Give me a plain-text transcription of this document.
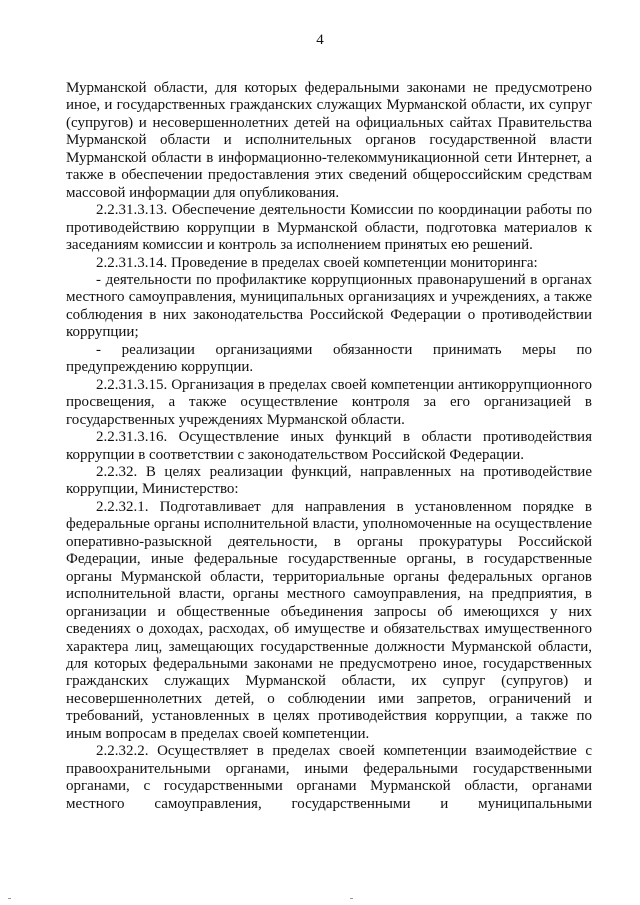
4

Мурманской области, для которых федеральными законами не предусмотрено иное, и государственных гражданских служащих Мурманской области, их супруг (супругов) и несовершеннолетних детей на официальных сайтах Правительства Мурманской области и исполнительных органов государственной власти Мурманской области в информационно-телекоммуникационной сети Интернет, а также в обеспечении предоставления этих сведений общероссийским средствам массовой информации для опубликования.

2.2.31.3.13. Обеспечение деятельности Комиссии по координации работы по противодействию коррупции в Мурманской области, подготовка материалов к заседаниям комиссии и контроль за исполнением принятых ею решений.

2.2.31.3.14. Проведение в пределах своей компетенции мониторинга:

- деятельности по профилактике коррупционных правонарушений в органах местного самоуправления, муниципальных организациях и учреждениях, а также соблюдения в них законодательства Российской Федерации о противодействии коррупции;

- реализации организациями обязанности принимать меры по предупреждению коррупции.

2.2.31.3.15. Организация в пределах своей компетенции антикоррупционного просвещения, а также осуществление контроля за его организацией в государственных учреждениях Мурманской области.

2.2.31.3.16. Осуществление иных функций в области противодействия коррупции в соответствии с законодательством Российской Федерации.

2.2.32. В целях реализации функций, направленных на противодействие коррупции, Министерство:

2.2.32.1. Подготавливает для направления в установленном порядке в федеральные органы исполнительной власти, уполномоченные на осуществление оперативно-разыскной деятельности, в органы прокуратуры Российской Федерации, иные федеральные государственные органы, в государственные органы Мурманской области, территориальные органы федеральных органов исполнительной власти, органы местного самоуправления, на предприятия, в организации и общественные объединения запросы об имеющихся у них сведениях о доходах, расходах, об имуществе и обязательствах имущественного характера лиц, замещающих государственные должности Мурманской области, для которых федеральными законами не предусмотрено иное, государственных гражданских служащих Мурманской области, их супруг (супругов) и несовершеннолетних детей, о соблюдении ими запретов, ограничений и требований, установленных в целях противодействия коррупции, а также по иным вопросам в пределах своей компетенции.

2.2.32.2. Осуществляет в пределах своей компетенции взаимодействие с правоохранительными органами, иными федеральными государственными органами, с государственными органами Мурманской области, органами местного самоуправления, государственными и муниципальными
